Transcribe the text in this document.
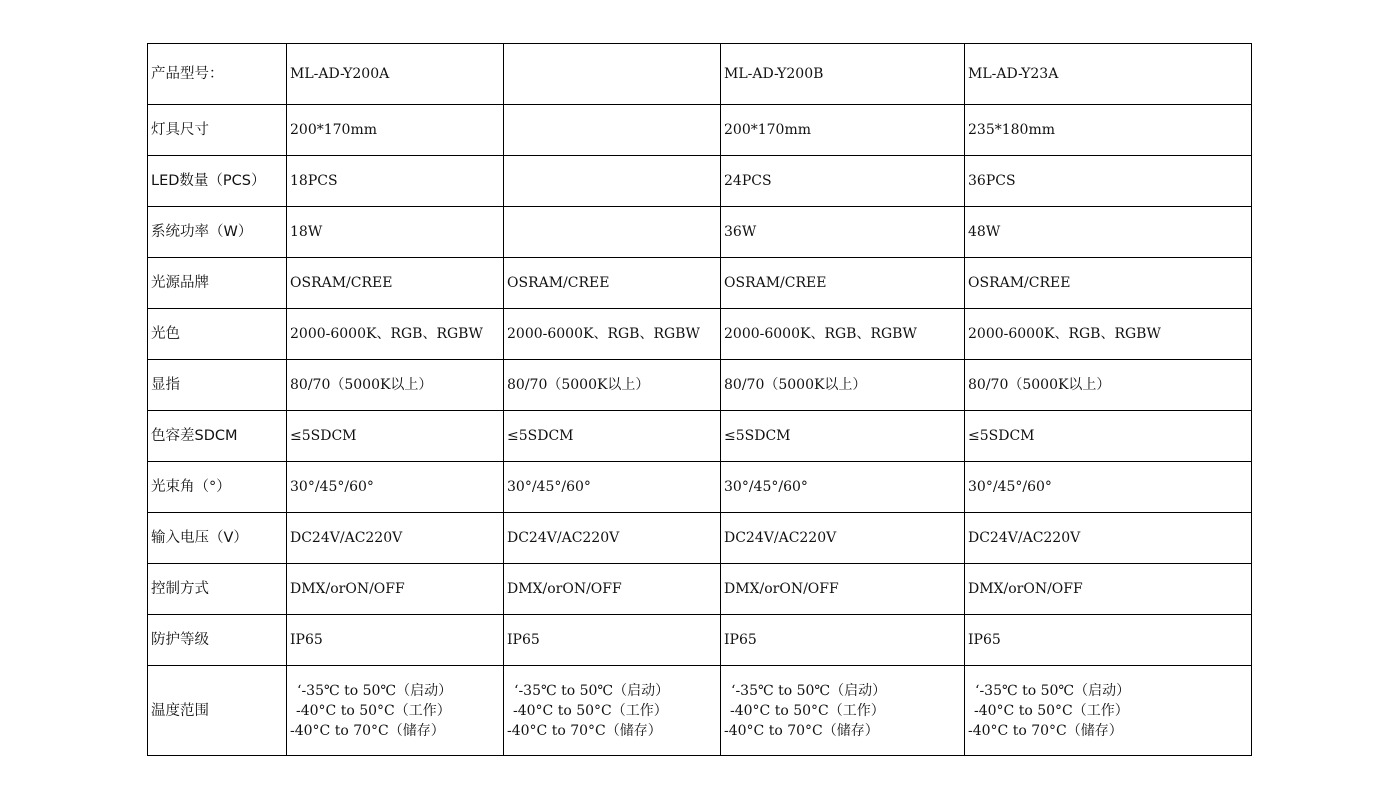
产品型号：	ML-AD-Y200A		ML-AD-Y200B	ML-AD-Y23A
灯具尺寸	200*170mm		200*170mm	235*180mm
LED数量（PCS）	18PCS		24PCS	36PCS
系统功率（W）	18W		36W	48W
光源品牌	OSRAM/CREE	OSRAM/CREE	OSRAM/CREE	OSRAM/CREE
光色	2000-6000K、RGB、RGBW	2000-6000K、RGB、RGBW	2000-6000K、RGB、RGBW	2000-6000K、RGB、RGBW
显指	80/70（5000K以上）	80/70（5000K以上）	80/70（5000K以上）	80/70（5000K以上）
色容差SDCM	≤5SDCM	≤5SDCM	≤5SDCM	≤5SDCM
光束角（°）	30°/45°/60°	30°/45°/60°	30°/45°/60°	30°/45°/60°
输入电压（V）	DC24V/AC220V	DC24V/AC220V	DC24V/AC220V	DC24V/AC220V
控制方式	DMX/orON/OFF	DMX/orON/OFF	DMX/orON/OFF	DMX/orON/OFF
防护等级	IP65	IP65	IP65	IP65
温度范围	‘-35℃ to 50℃（启动）
-40°C to 50°C（工作）
-40°C to 70°C（储存）	‘-35℃ to 50℃（启动）
-40°C to 50°C（工作）
-40°C to 70°C（储存）	‘-35℃ to 50℃（启动）
-40°C to 50°C（工作）
-40°C to 70°C（储存）	‘-35℃ to 50℃（启动）
-40°C to 50°C（工作）
-40°C to 70°C（储存）
